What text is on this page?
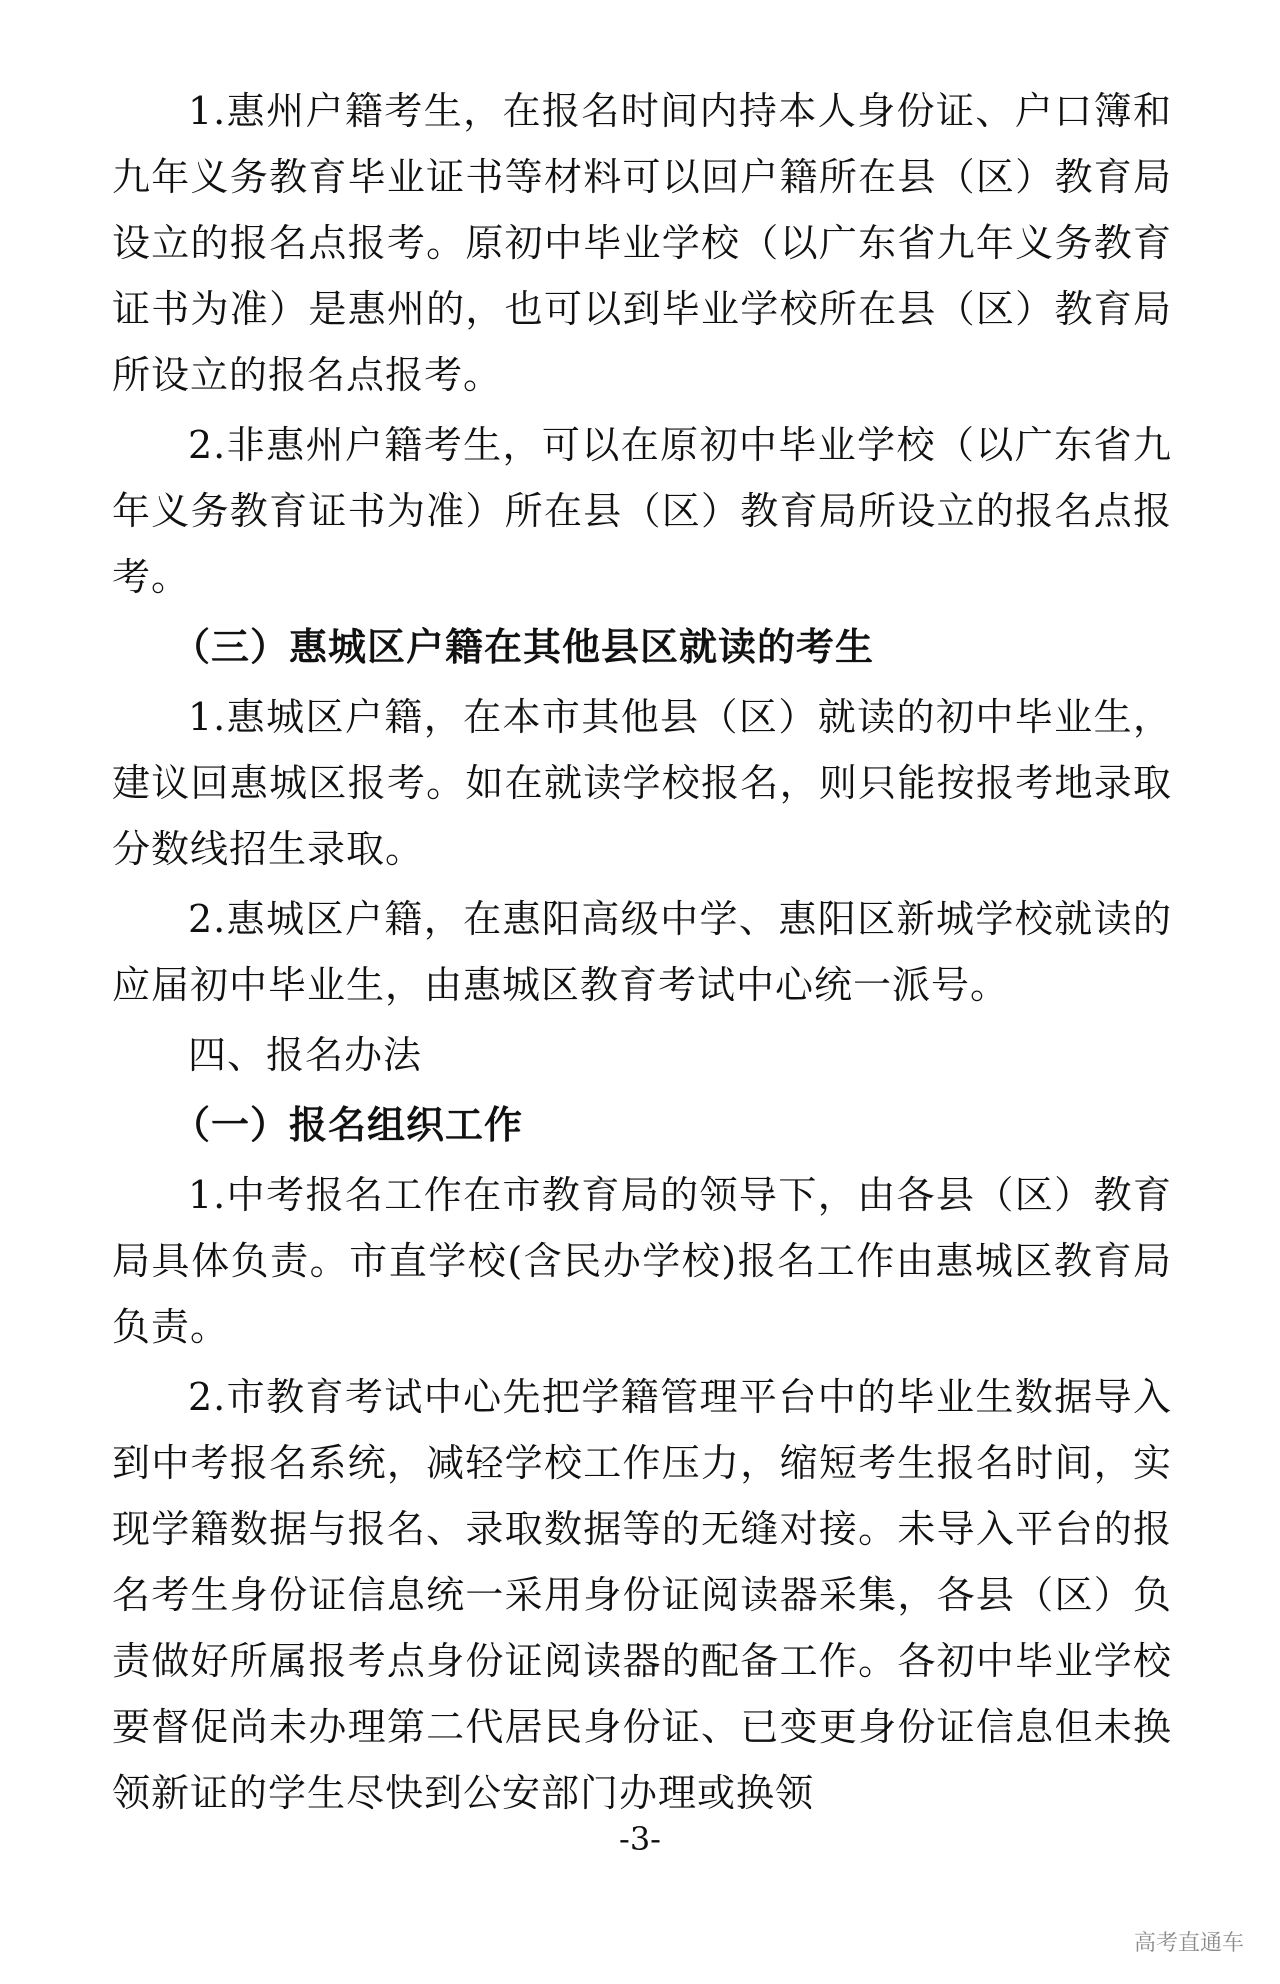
1.惠州户籍考生，在报名时间内持本人身份证、户口簿和九年义务教育毕业证书等材料可以回户籍所在县（区）教育局设立的报名点报考。原初中毕业学校（以广东省九年义务教育证书为准）是惠州的，也可以到毕业学校所在县（区）教育局所设立的报名点报考。

2.非惠州户籍考生，可以在原初中毕业学校（以广东省九年义务教育证书为准）所在县（区）教育局所设立的报名点报考。

（三）惠城区户籍在其他县区就读的考生

1.惠城区户籍，在本市其他县（区）就读的初中毕业生，建议回惠城区报考。如在就读学校报名，则只能按报考地录取分数线招生录取。

2.惠城区户籍，在惠阳高级中学、惠阳区新城学校就读的应届初中毕业生，由惠城区教育考试中心统一派号。

四、报名办法

（一）报名组织工作

1.中考报名工作在市教育局的领导下，由各县（区）教育局具体负责。市直学校(含民办学校)报名工作由惠城区教育局负责。

2.市教育考试中心先把学籍管理平台中的毕业生数据导入到中考报名系统，减轻学校工作压力，缩短考生报名时间，实现学籍数据与报名、录取数据等的无缝对接。未导入平台的报名考生身份证信息统一采用身份证阅读器采集，各县（区）负责做好所属报考点身份证阅读器的配备工作。各初中毕业学校要督促尚未办理第二代居民身份证、已变更身份证信息但未换领新证的学生尽快到公安部门办理或换领

-3-
高考直通车
